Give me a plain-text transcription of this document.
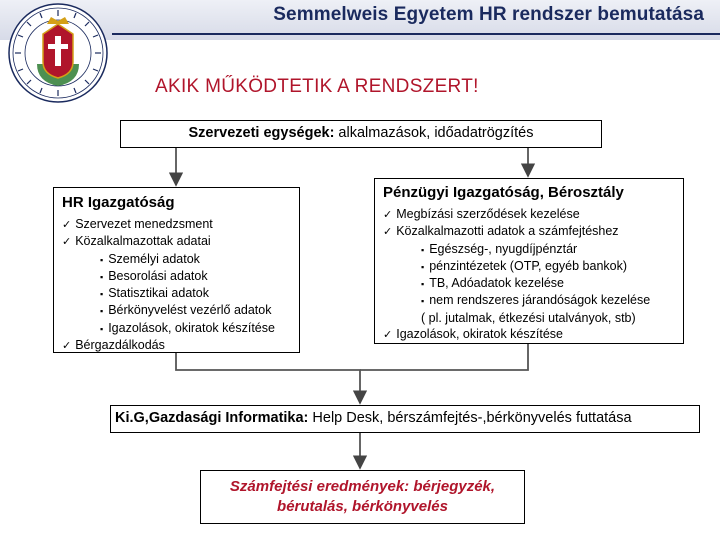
Semmelweis Egyetem HR rendszer bemutatása
AKIK MŰKÖDTETIK A RENDSZERT!
Szervezeti egységek: alkalmazások, időadatrögzítés
HR Igazgatóság
✓ Szervezet menedzsment
✓ Közalkalmazottak adatai
▪ Személyi adatok
▪ Besorolási adatok
▪ Statisztikai adatok
▪ Bérkönyvelést vezérlő adatok
▪ Igazolások, okiratok készítése
✓ Bérgazdálkodás
Pénzügyi Igazgatóság, Bérosztály
✓ Megbízási szerződések kezelése
✓ Közalkalmazotti adatok a számfejtéshez
▪ Egészség-, nyugdíjpénztár
▪ pénzintézetek (OTP, egyéb bankok)
▪ TB, Adóadatok kezelése
▪ nem rendszeres járandóságok kezelése
( pl. jutalmak, étkezési utalványok, stb)
✓ Igazolások, okiratok készítése
Ki.G,Gazdasági Informatika: Help Desk, bérszámfejtés-,bérkönyvelés futtatása
Számfejtési eredmények: bérjegyzék,
bérutalás, bérkönyvelés
